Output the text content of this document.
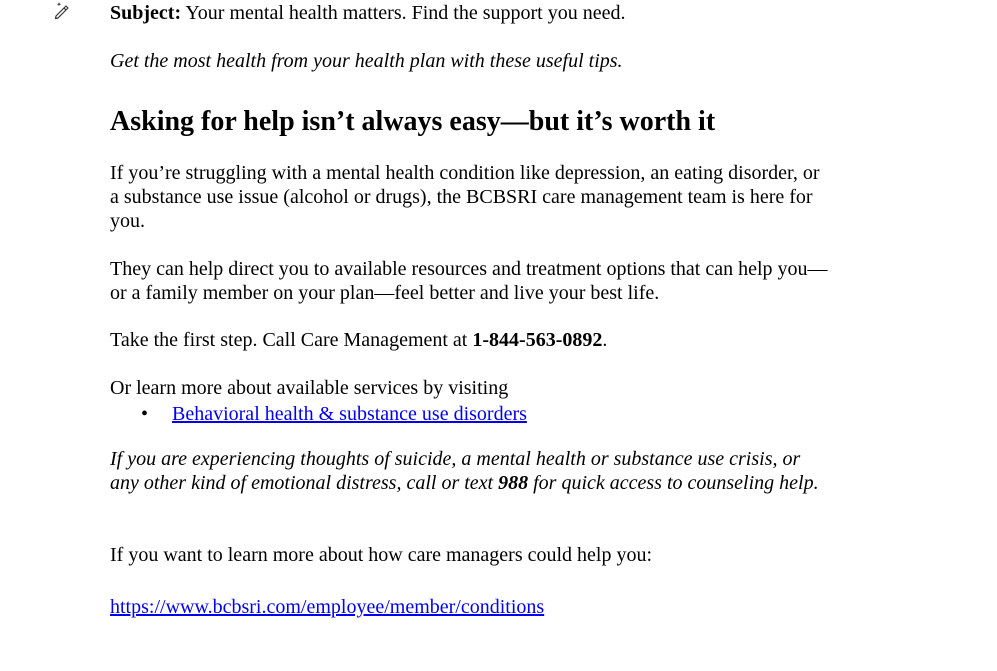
Subject: Your mental health matters. Find the support you need.
Get the most health from your health plan with these useful tips.
Asking for help isn’t always easy—but it’s worth it
If you’re struggling with a mental health condition like depression, an eating disorder, or
a substance use issue (alcohol or drugs), the BCBSRI care management team is here for
you.
They can help direct you to available resources and treatment options that can help you—
or a family member on your plan—feel better and live your best life.
Take the first step. Call Care Management at 1-844-563-0892.
Or learn more about available services by visiting
• Behavioral health & substance use disorders
If you are experiencing thoughts of suicide, a mental health or substance use crisis, or
any other kind of emotional distress, call or text 988 for quick access to counseling help.
If you want to learn more about how care managers could help you:
https://www.bcbsri.com/employee/member/conditions
